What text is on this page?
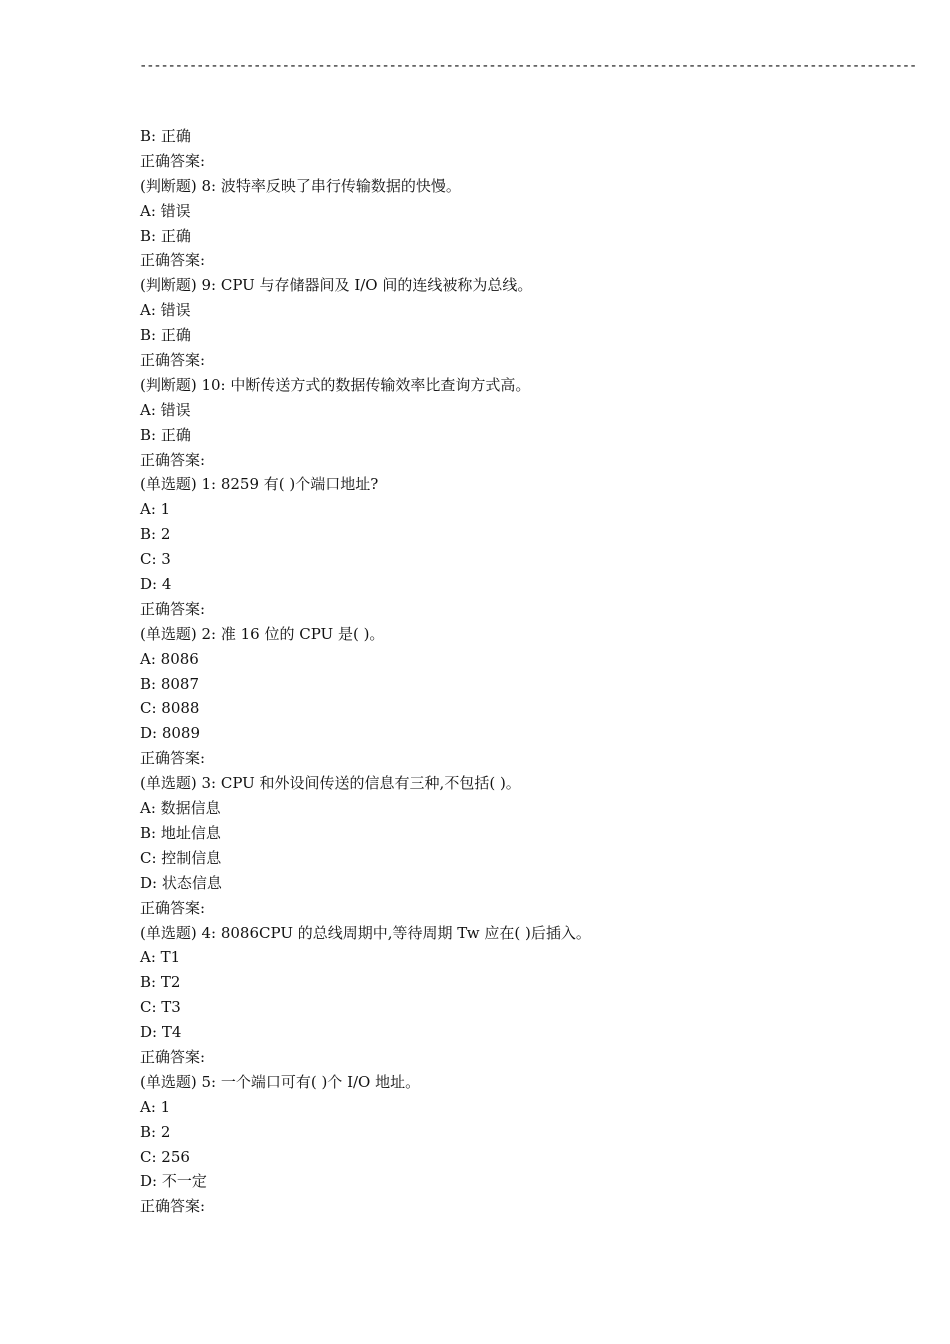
-------------------------------------------------------------------------------------------------------------
B: 正确
正确答案:
(判断题) 8: 波特率反映了串行传输数据的快慢。
A: 错误
B: 正确
正确答案:
(判断题) 9: CPU 与存储器间及 I/O 间的连线被称为总线。
A: 错误
B: 正确
正确答案:
(判断题) 10: 中断传送方式的数据传输效率比查询方式高。
A: 错误
B: 正确
正确答案:
(单选题) 1: 8259 有( )个端口地址?
A: 1
B: 2
C: 3
D: 4
正确答案:
(单选题) 2: 准 16 位的 CPU 是( )。
A: 8086
B: 8087
C: 8088
D: 8089
正确答案:
(单选题) 3: CPU 和外设间传送的信息有三种,不包括( )。
A: 数据信息
B: 地址信息
C: 控制信息
D: 状态信息
正确答案:
(单选题) 4: 8086CPU 的总线周期中,等待周期 Tw 应在( )后插入。
A: T1
B: T2
C: T3
D: T4
正确答案:
(单选题) 5: 一个端口可有( )个 I/O 地址。
A: 1
B: 2
C: 256
D: 不一定
正确答案:
